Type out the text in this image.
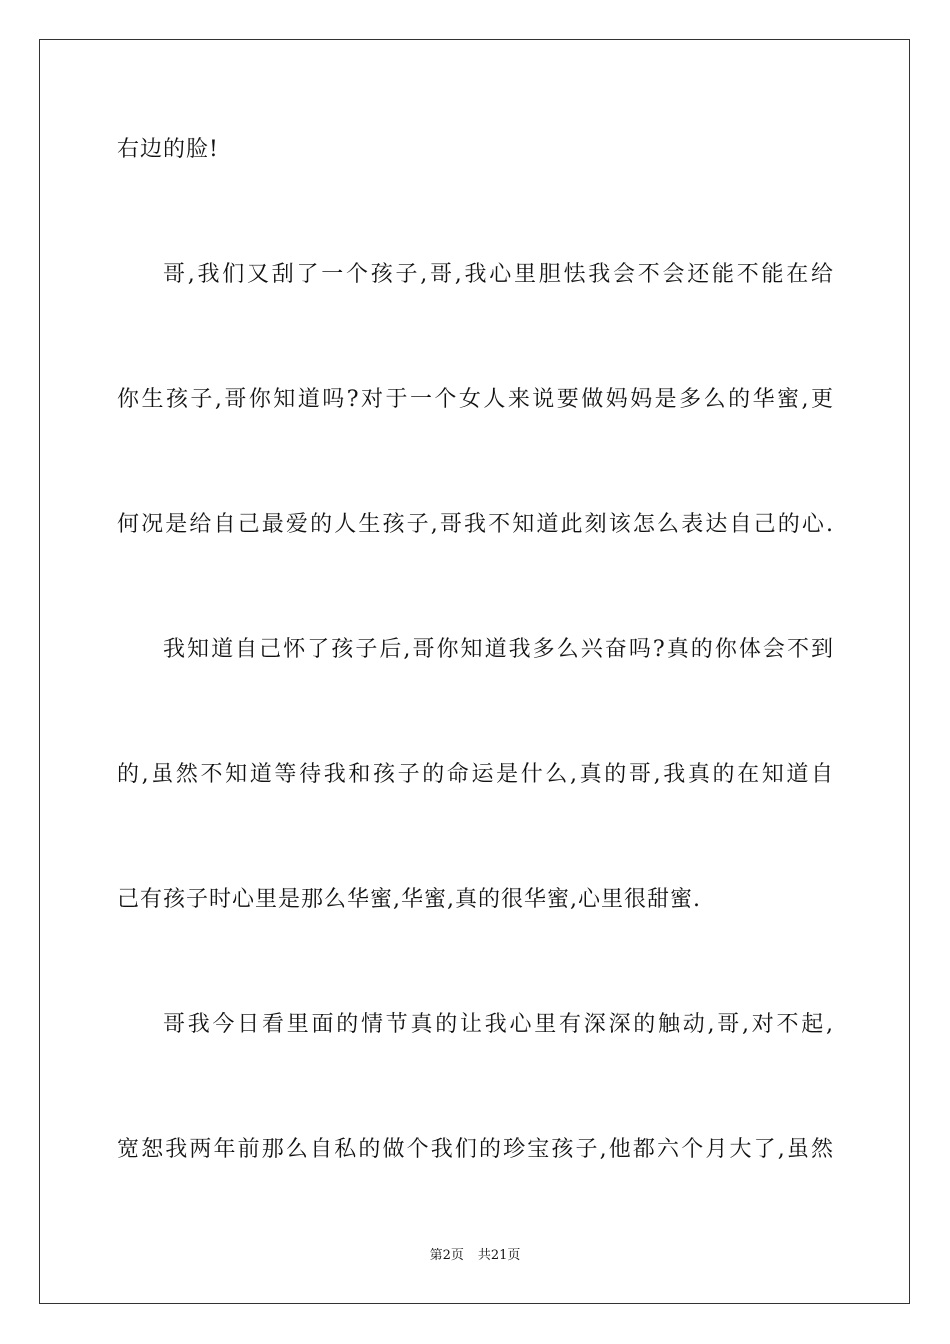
右边的脸!
哥,我们又刮了一个孩子,哥,我心里胆怯我会不会还能不能在给
你生孩子,哥你知道吗?对于一个女人来说要做妈妈是多么的华蜜,更
何况是给自己最爱的人生孩子,哥我不知道此刻该怎么表达自己的心.
我知道自己怀了孩子后,哥你知道我多么兴奋吗?真的你体会不到
的,虽然不知道等待我和孩子的命运是什么,真的哥,我真的在知道自
己有孩子时心里是那么华蜜,华蜜,真的很华蜜,心里很甜蜜.
哥我今日看里面的情节真的让我心里有深深的触动,哥,对不起,
宽恕我两年前那么自私的做个我们的珍宝孩子,他都六个月大了,虽然
第2页 共21页
